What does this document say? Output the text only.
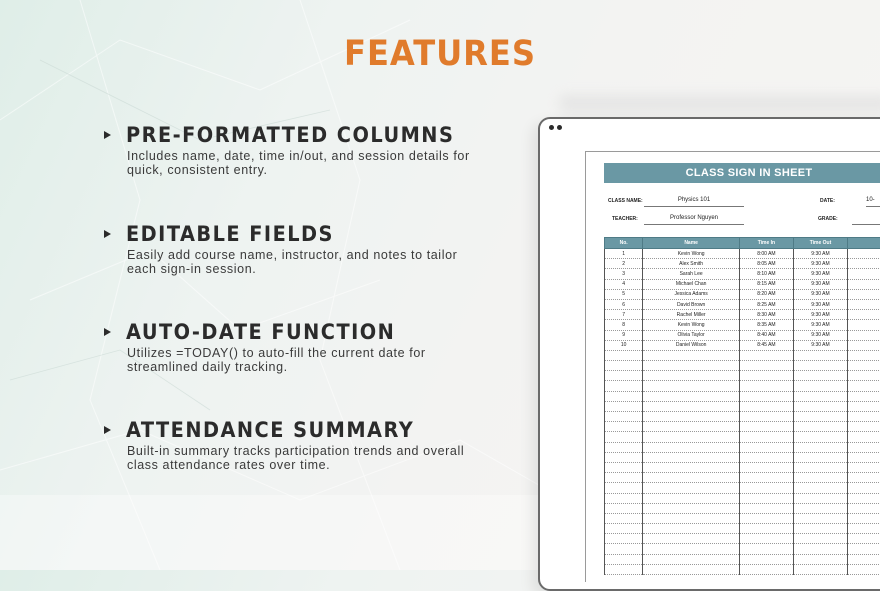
FEATURES
PRE-FORMATTED COLUMNS
Includes name, date, time in/out, and session details for quick, consistent entry.
EDITABLE FIELDS
Easily add course name, instructor, and notes to tailor each sign-in session.
AUTO-DATE FUNCTION
Utilizes =TODAY() to auto-fill the current date for streamlined daily tracking.
ATTENDANCE SUMMARY
Built-in summary tracks participation trends and overall class attendance rates over time.
CLASS SIGN IN SHEET
CLASS NAME:	Physics 101	DATE:	10-
TEACHER:	Professor Nguyen	GRADE:
No.	Name	Time In	Time Out	
1	Kevin Wong	8:00 AM	9:30 AM	
2	Alex Smith	8:05 AM	9:30 AM	
3	Sarah Lee	8:10 AM	9:30 AM	
4	Michael Chan	8:15 AM	9:30 AM	
5	Jessica Adams	8:20 AM	9:30 AM	
6	David Brown	8:25 AM	9:30 AM	
7	Rachel Miller	8:30 AM	9:30 AM	
8	Kevin Wong	8:35 AM	9:30 AM	
9	Olivia Taylor	8:40 AM	9:30 AM	
10	Daniel Wilson	8:45 AM	9:30 AM	
